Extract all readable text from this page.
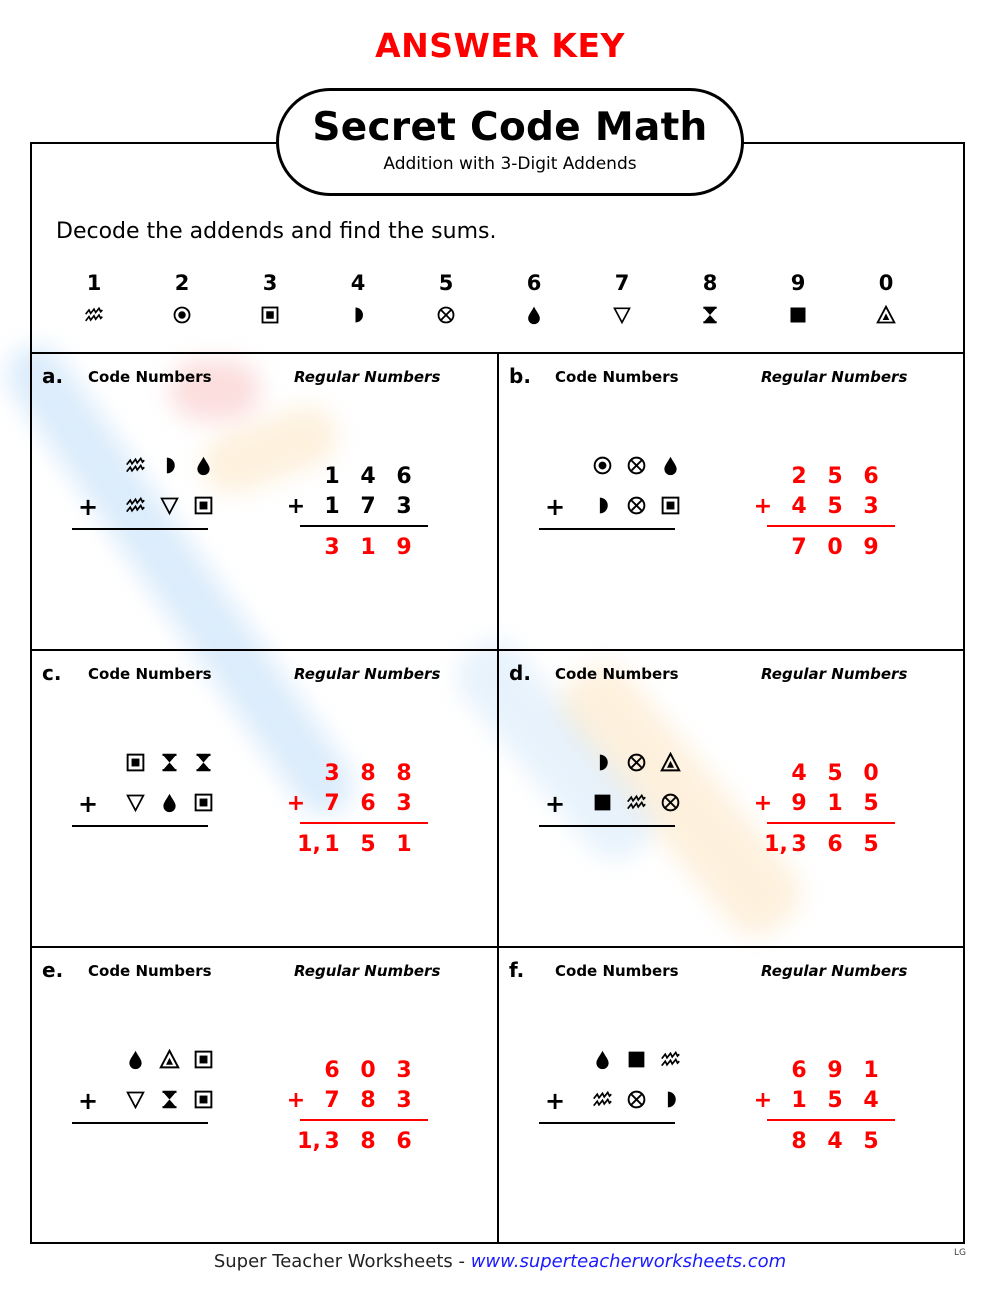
ANSWER KEY
Secret Code Math
Addition with 3-Digit Addends
Decode the addends and find the sums.
1	2	3	4	5	6	7	8	9	0
a. Code Numbers	Regular Numbers
+
1 4 6
+ 1 7 3
3 1 9
b. Code Numbers	Regular Numbers
+
2 5 6
+ 4 5 3
7 0 9
c. Code Numbers	Regular Numbers
+
3 8 8
+ 7 6 3
1, 1 5 1
d. Code Numbers	Regular Numbers
+
4 5 0
+ 9 1 5
1, 3 6 5
e. Code Numbers	Regular Numbers
+
6 0 3
+ 7 8 3
1, 3 8 6
f. Code Numbers	Regular Numbers
+
6 9 1
+ 1 5 4
8 4 5
Super Teacher Worksheets - www.superteacherworksheets.com	LG
